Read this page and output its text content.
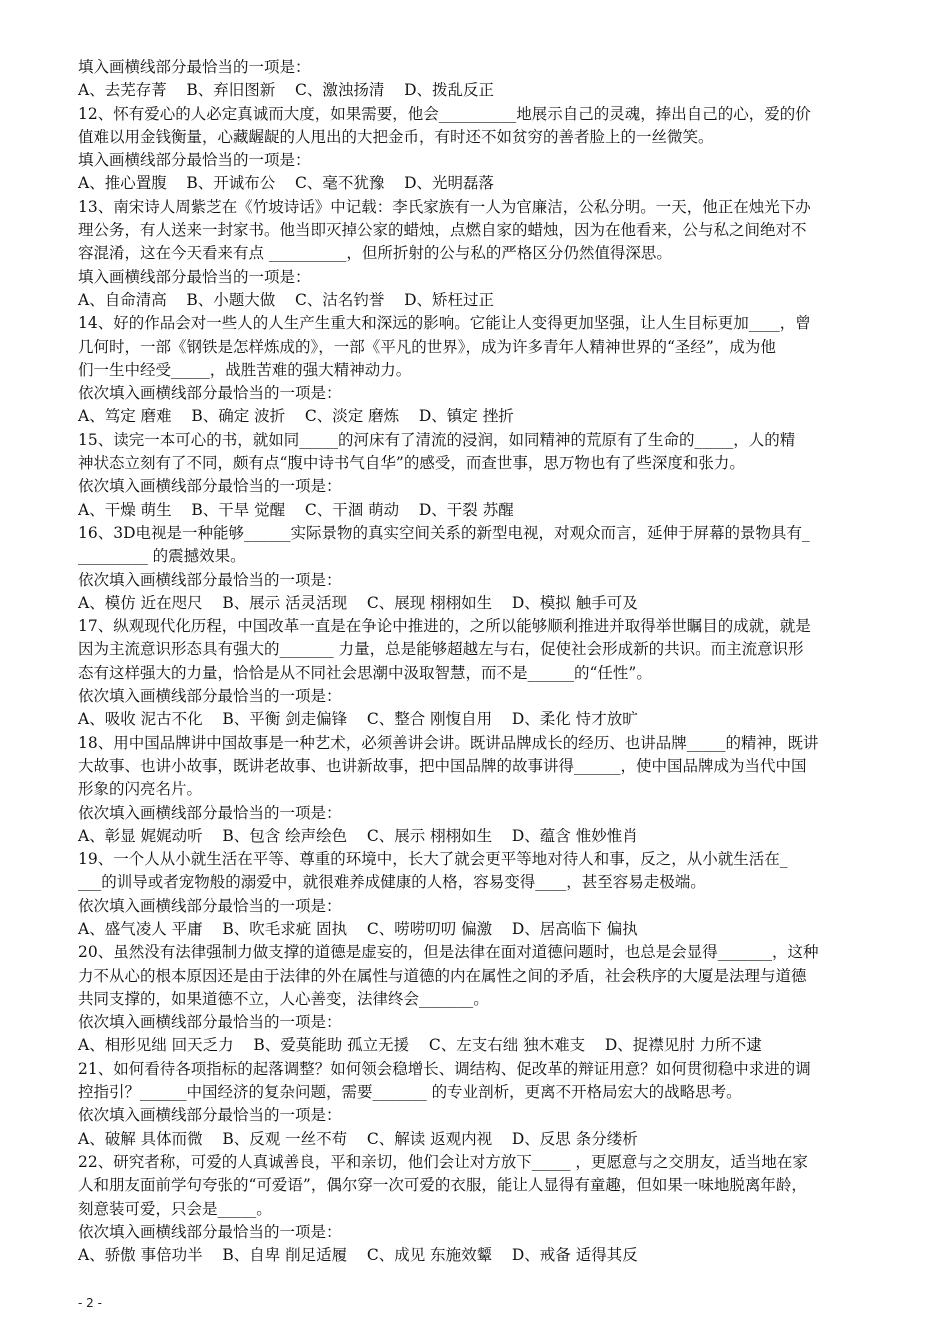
填入画横线部分最恰当的一项是：
A、去芜存菁    B、弃旧图新    C、激浊扬清    D、拨乱反正
12、怀有爱心的人必定真诚而大度，如果需要，他会__________地展示自己的灵魂，捧出自己的心，爱的价
值难以用金钱衡量，心藏龌龊的人甩出的大把金币，有时还不如贫穷的善者脸上的一丝微笑。
填入画横线部分最恰当的一项是：
A、推心置腹    B、开诚布公    C、毫不犹豫    D、光明磊落
13、南宋诗人周紫芝在《竹坡诗话》中记载：李氏家族有一人为官廉洁，公私分明。一天，他正在烛光下办
理公务，有人送来一封家书。他当即灭掉公家的蜡烛，点燃自家的蜡烛，因为在他看来，公与私之间绝对不
容混淆，这在今天看来有点 __________，但所折射的公与私的严格区分仍然值得深思。
填入画横线部分最恰当的一项是：
A、自命清高    B、小题大做    C、沽名钓誉    D、矫枉过正
14、好的作品会对一些人的人生产生重大和深远的影响。它能让人变得更加坚强，让人生目标更加____，曾
几何时，一部《钢铁是怎样炼成的》，一部《平凡的世界》，成为许多青年人精神世界的“圣经”，成为他
们一生中经受_____，战胜苦难的强大精神动力。
依次填入画横线部分最恰当的一项是：
A、笃定 磨难    B、确定 波折    C、淡定 磨炼    D、镇定 挫折
15、读完一本可心的书，就如同_____的河床有了清流的浸润，如同精神的荒原有了生命的_____，人的精
神状态立刻有了不同，颇有点“腹中诗书气自华”的感受，而查世事，思万物也有了些深度和张力。
依次填入画横线部分最恰当的一项是：
A、干燥 萌生    B、干旱 觉醒    C、干涸 萌动    D、干裂 苏醒
16、3D电视是一种能够______实际景物的真实空间关系的新型电视，对观众而言，延伸于屏幕的景物具有_
_________ 的震撼效果。
依次填入画横线部分最恰当的一项是：
A、模仿 近在咫尺    B、展示 活灵活现    C、展现 栩栩如生    D、模拟 触手可及
17、纵观现代化历程，中国改革一直是在争论中推进的，之所以能够顺利推进并取得举世瞩目的成就，就是
因为主流意识形态具有强大的_______ 力量，总是能够超越左与右，促使社会形成新的共识。而主流意识形
态有这样强大的力量，恰恰是从不同社会思潮中汲取智慧，而不是______的“任性”。
依次填入画横线部分最恰当的一项是：
A、吸收 泥古不化    B、平衡 剑走偏锋    C、整合 刚愎自用    D、柔化 恃才放旷
18、用中国品牌讲中国故事是一种艺术，必须善讲会讲。既讲品牌成长的经历、也讲品牌_____的精神，既讲
大故事、也讲小故事，既讲老故事、也讲新故事，把中国品牌的故事讲得______，使中国品牌成为当代中国
形象的闪亮名片。
依次填入画横线部分最恰当的一项是：
A、彰显 娓娓动听    B、包含 绘声绘色    C、展示 栩栩如生    D、蕴含 惟妙惟肖
19、一个人从小就生活在平等、尊重的环境中，长大了就会更平等地对待人和事，反之，从小就生活在_
___的训导或者宠物般的溺爱中，就很难养成健康的人格，容易变得____，甚至容易走极端。
依次填入画横线部分最恰当的一项是：
A、盛气凌人 平庸    B、吹毛求疵 固执    C、唠唠叨叨 偏激    D、居高临下 偏执
20、虽然没有法律强制力做支撑的道德是虚妄的，但是法律在面对道德问题时，也总是会显得_______，这种
力不从心的根本原因还是由于法律的外在属性与道德的内在属性之间的矛盾，社会秩序的大厦是法理与道德
共同支撑的，如果道德不立，人心善变，法律终会_______。
依次填入画横线部分最恰当的一项是：
A、相形见绌 回天乏力    B、爱莫能助 孤立无援    C、左支右绌 独木难支    D、捉襟见肘 力所不逮
21、如何看待各项指标的起落调整？如何领会稳增长、调结构、促改革的辩证用意？如何贯彻稳中求进的调
控指引？______中国经济的复杂问题，需要_______ 的专业剖析，更离不开格局宏大的战略思考。
依次填入画横线部分最恰当的一项是：
A、破解 具体而微    B、反观 一丝不苟    C、解读 返观内视    D、反思 条分缕析
22、研究者称，可爱的人真诚善良，平和亲切，他们会让对方放下_____ ，更愿意与之交朋友，适当地在家
人和朋友面前学句夸张的“可爱语”，偶尔穿一次可爱的衣服，能让人显得有童趣，但如果一味地脱离年龄，
刻意装可爱，只会是_____。
依次填入画横线部分最恰当的一项是：
A、骄傲 事倍功半    B、自卑 削足适履    C、成见 东施效颦    D、戒备 适得其反
- 2 -
